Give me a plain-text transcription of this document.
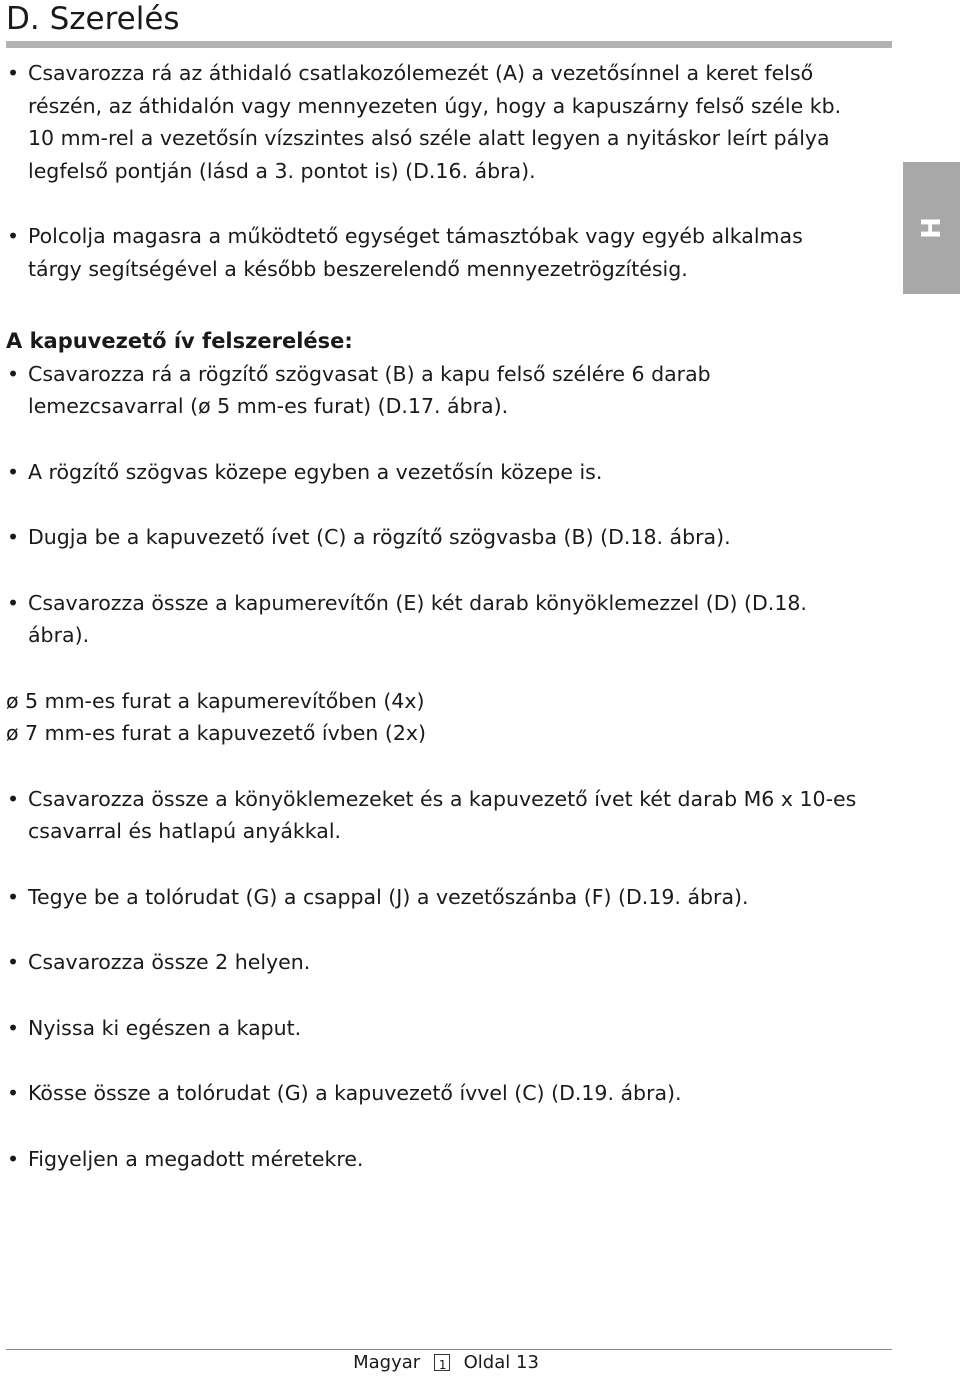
D. Szerelés
H
• Csavarozza rá az áthidaló csatlakozólemezét (A) a vezetősínnel a keret felső részén, az áthidalón vagy mennyezeten úgy, hogy a kapuszárny felső széle kb. 10 mm-rel a vezetősín vízszintes alsó széle alatt legyen a nyitáskor leírt pálya legfelső pontján (lásd a 3. pontot is) (D.16. ábra).
• Polcolja magasra a működtető egységet támasztóbak vagy egyéb alkalmas tárgy segítségével a később beszerelendő mennyezetrögzítésig.
A kapuvezető ív felszerelése:
• Csavarozza rá a rögzítő szögvasat (B) a kapu felső szélére 6 darab lemezcsavarral (ø 5 mm-es furat) (D.17. ábra).
• A rögzítő szögvas közepe egyben a vezetősín közepe is.
• Dugja be a kapuvezető ívet (C) a rögzítő szögvasba (B) (D.18. ábra).
• Csavarozza össze a kapumerevítőn (E) két darab könyöklemezzel (D) (D.18. ábra).

ø 5 mm-es furat a kapumerevítőben (4x)

ø 7 mm-es furat a kapuvezető ívben (2x)

• Csavarozza össze a könyöklemezeket és a kapuvezető ívet két darab M6 x 10-es csavarral és hatlapú anyákkal.
• Tegye be a tolórudat (G) a csappal (J) a vezetőszánba (F) (D.19. ábra).
• Csavarozza össze 2 helyen.
• Nyissa ki egészen a kaput.
• Kösse össze a tolórudat (G) a kapuvezető ívvel (C) (D.19. ábra).
• Figyeljen a megadott méretekre.
Magyar 1 Oldal 13
